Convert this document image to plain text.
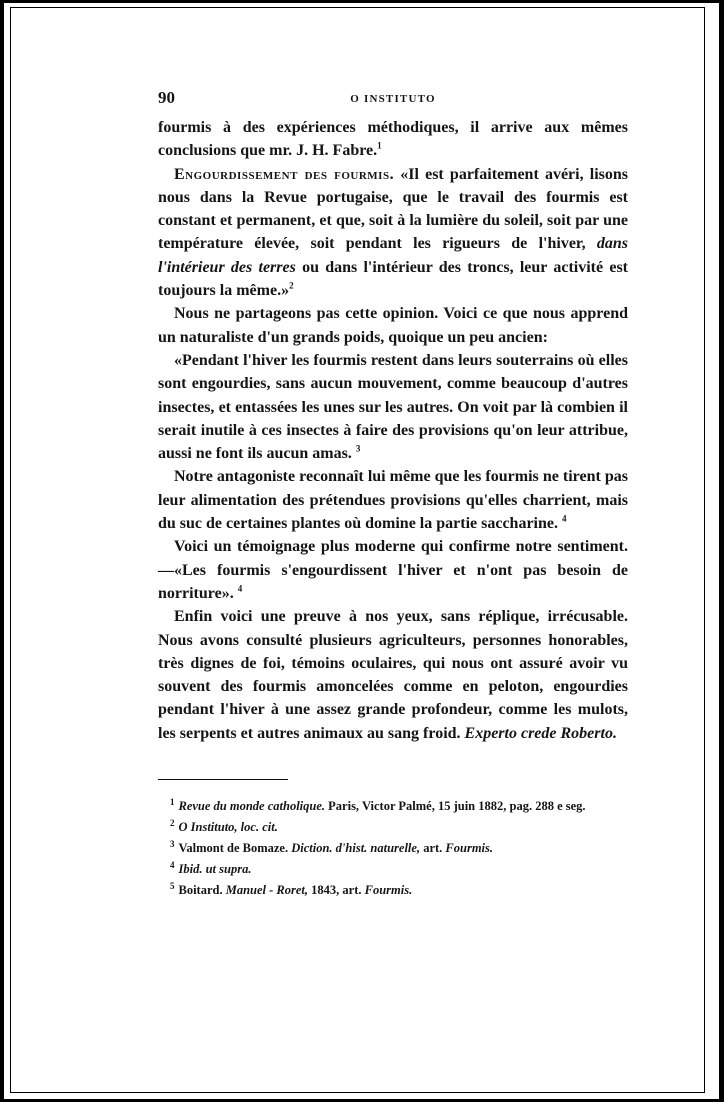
90	O INSTITUTO

fourmis à des expériences méthodiques, il arrive aux mêmes conclusions que mr. J. H. Fabre.$^1$

Engourdissement des fourmis. «Il est parfaitement avéri, lisons nous dans la Revue portugaise, que le travail des fourmis est constant et permanent, et que, soit à la lumière du soleil, soit par une température élevée, soit pendant les rigueurs de l'hiver, dans l'intérieur des terres ou dans l'intérieur des troncs, leur activité est toujours la même.»$^2$

Nous ne partageons pas cette opinion. Voici ce que nous apprend un naturaliste d'un grands poids, quoique un peu ancien:

«Pendant l'hiver les fourmis restent dans leurs souterrains où elles sont engourdies, sans aucun mouvement, comme beaucoup d'autres insectes, et entassées les unes sur les autres. On voit par là combien il serait inutile à ces insectes à faire des provisions qu'on leur attribue, aussi ne font ils aucun amas. $^3$

Notre antagoniste reconnaît lui même que les fourmis ne tirent pas leur alimentation des prétendues provisions qu'elles charrient, mais du suc de certaines plantes où domine la partie saccharine. $^4$

Voici un témoignage plus moderne qui confirme notre sentiment.—«Les fourmis s'engourdissent l'hiver et n'ont pas besoin de norriture». $^4$

Enfin voici une preuve à nos yeux, sans réplique, irrécusable. Nous avons consulté plusieurs agriculteurs, personnes honorables, très dignes de foi, témoins oculaires, qui nous ont assuré avoir vu souvent des fourmis amoncelées comme en peloton, engourdies pendant l'hiver à une assez grande profondeur, comme les mulots, les serpents et autres animaux au sang froid. Experto crede Roberto.

$^1$ Revue du monde catholique. Paris, Victor Palmé, 15 juin 1882, pag. 288 e seg.

$^2$ O Instituto, loc. cit.

$^3$ Valmont de Bomaze. Diction. d'hist. naturelle, art. Fourmis.

$^4$ Ibid. ut supra.

$^5$ Boitard. Manuel - Roret, 1843, art. Fourmis.
